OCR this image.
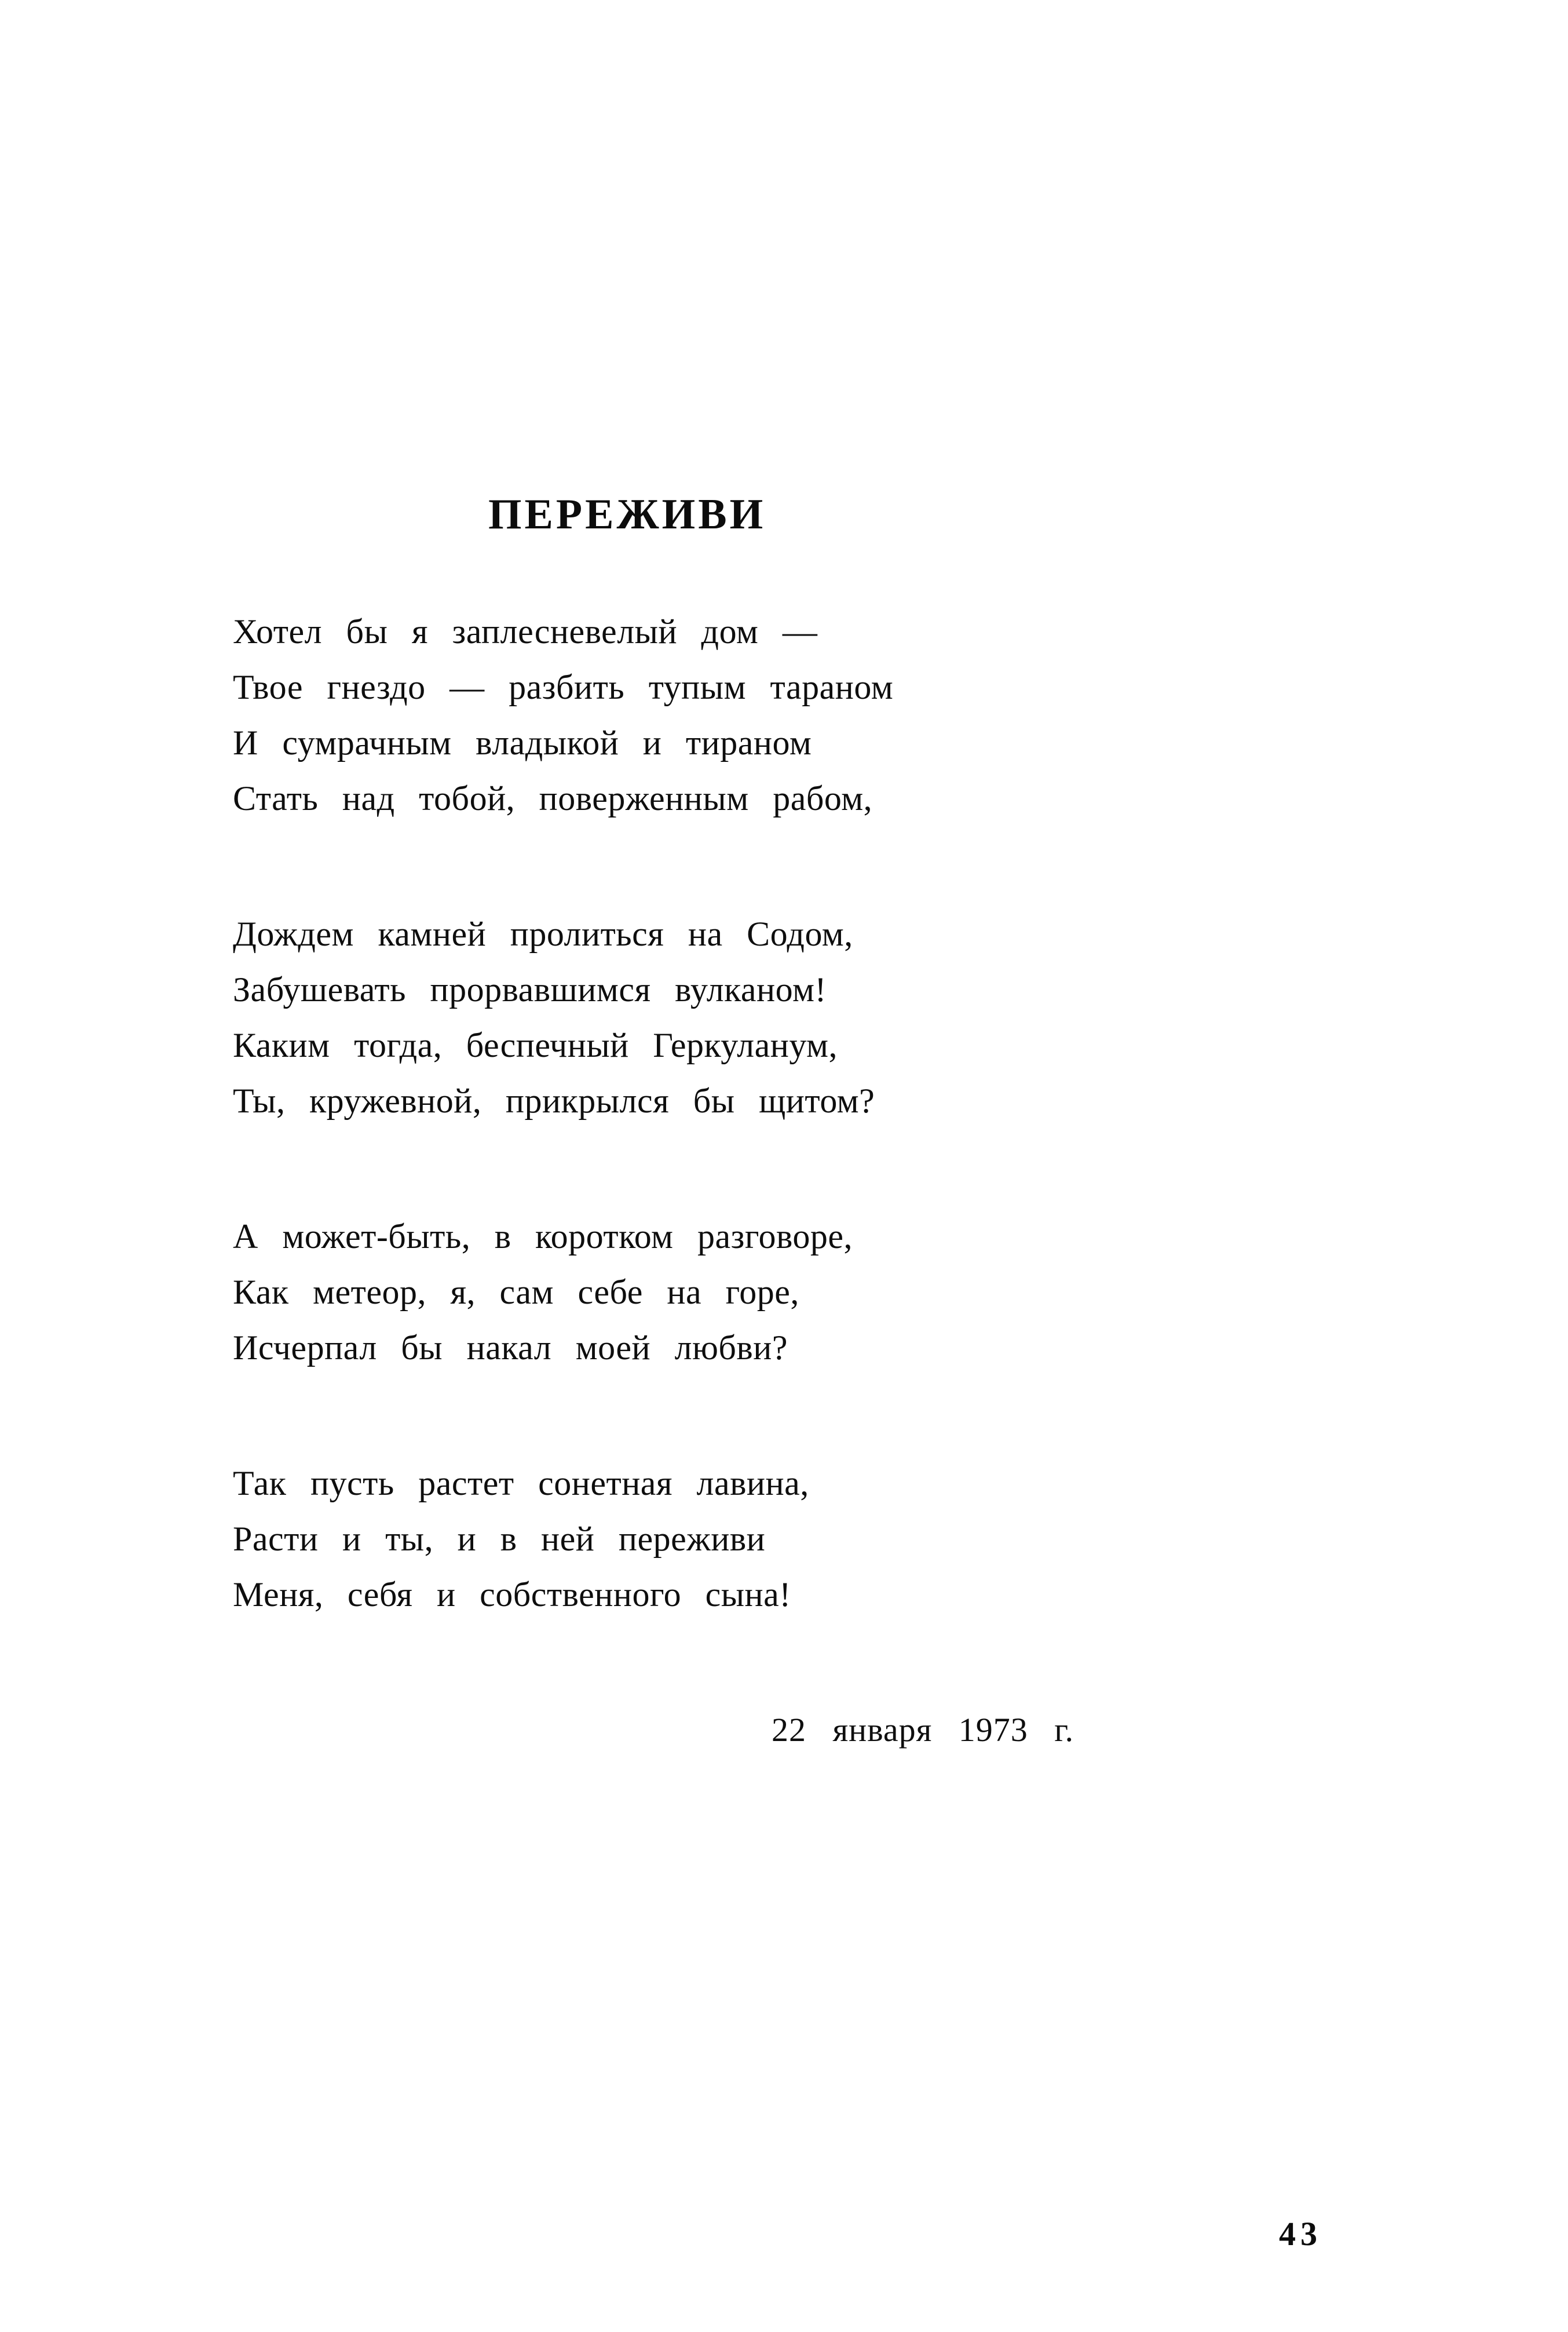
ПЕРЕЖИВИ

Хотел бы я заплесневелый дом —

Твое гнездо — разбить тупым тараном

И сумрачным владыкой и тираном

Стать над тобой, поверженным рабом,

Дождем камней пролиться на Содом,

Забушевать прорвавшимся вулканом!

Каким тогда, беспечный Геркуланум,

Ты, кружевной, прикрылся бы щитом?

А может-быть, в коротком разговоре,

Как метеор, я, сам себе на горе,

Исчерпал бы накал моей любви?

Так пусть растет сонетная лавина,

Расти и ты, и в ней переживи

Меня, себя и собственного сына!

22 января 1973 г.

43
